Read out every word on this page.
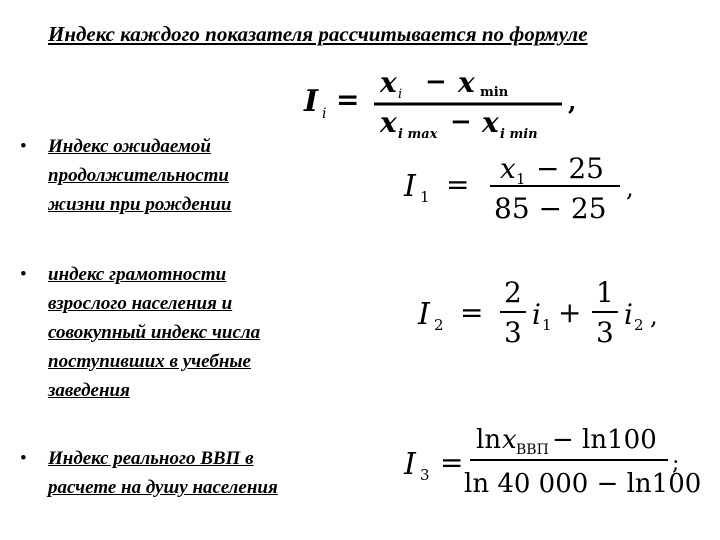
Индекс каждого показателя рассчитывается по формуле
I i =
x i − x min
x i max − x i min
,
• Индекс ожидаемой
продолжительности
жизни при рождении
I 1 = x 1 − 25
85 − 25
,
• индекс грамотности
взрослого населения и
совокупный индекс числа
поступивших в учебные
заведения
I 2 =
2
3
i 1 +
1
3
i 2 ,
• Индекс реального ВВП в
расчете на душу населения
I 3 =
ln x ВВП − ln100
ln 40 000 − ln100
;
